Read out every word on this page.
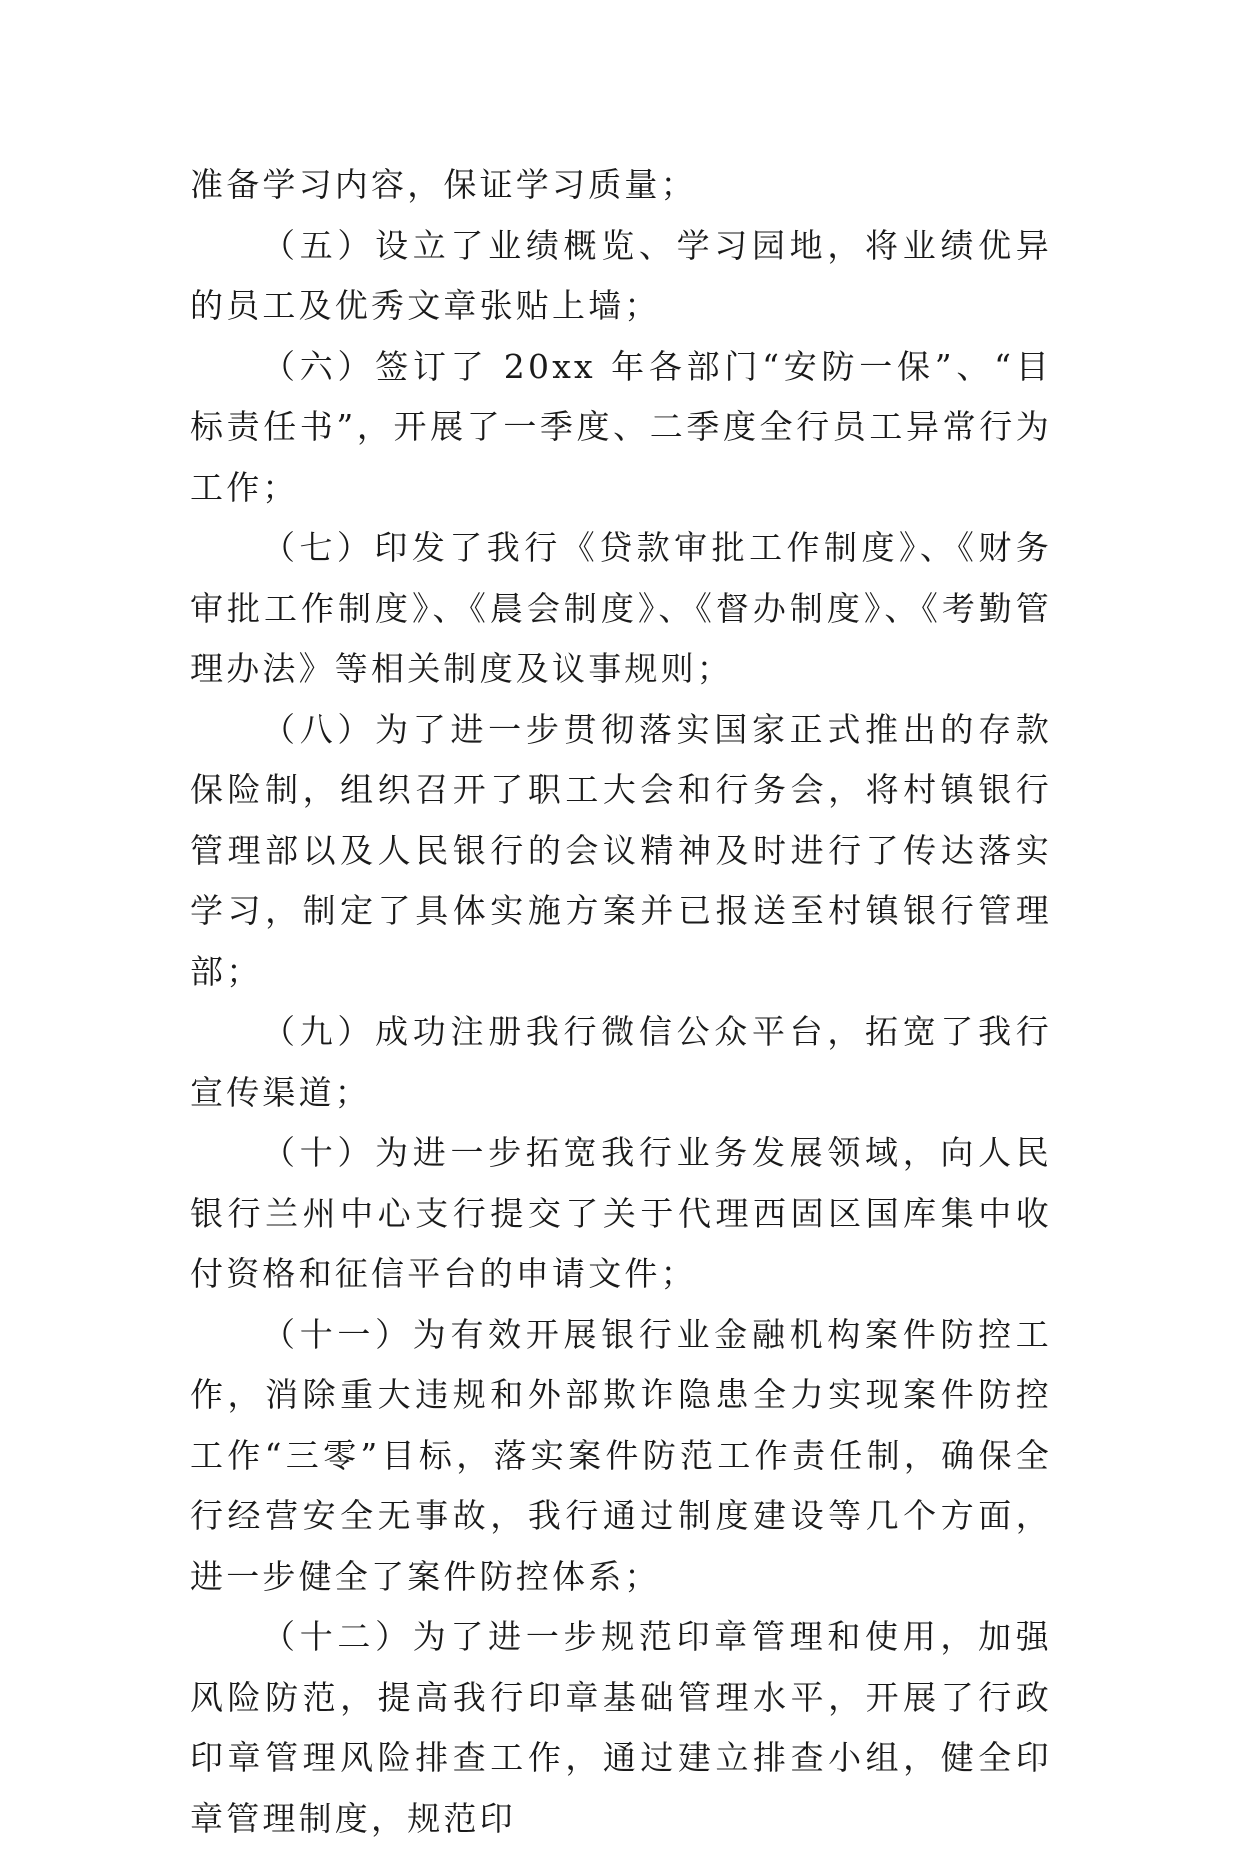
准备学习内容，保证学习质量；

（五）设立了业绩概览、学习园地，将业绩优异的员工及优秀文章张贴上墙；

（六）签订了 20xx 年各部门“安防一保”、“目标责任书”，开展了一季度、二季度全行员工异常行为工作；

（七）印发了我行《贷款审批工作制度》、《财务审批工作制度》、《晨会制度》、《督办制度》、《考勤管理办法》等相关制度及议事规则；

（八）为了进一步贯彻落实国家正式推出的存款保险制，组织召开了职工大会和行务会，将村镇银行管理部以及人民银行的会议精神及时进行了传达落实学习，制定了具体实施方案并已报送至村镇银行管理部；

（九）成功注册我行微信公众平台，拓宽了我行宣传渠道；

（十）为进一步拓宽我行业务发展领域，向人民银行兰州中心支行提交了关于代理西固区国库集中收付资格和征信平台的申请文件；

（十一）为有效开展银行业金融机构案件防控工作，消除重大违规和外部欺诈隐患全力实现案件防控工作“三零”目标，落实案件防范工作责任制，确保全行经营安全无事故，我行通过制度建设等几个方面，进一步健全了案件防控体系；

（十二）为了进一步规范印章管理和使用，加强风险防范，提高我行印章基础管理水平，开展了行政印章管理风险排查工作，通过建立排查小组，健全印章管理制度，规范印
